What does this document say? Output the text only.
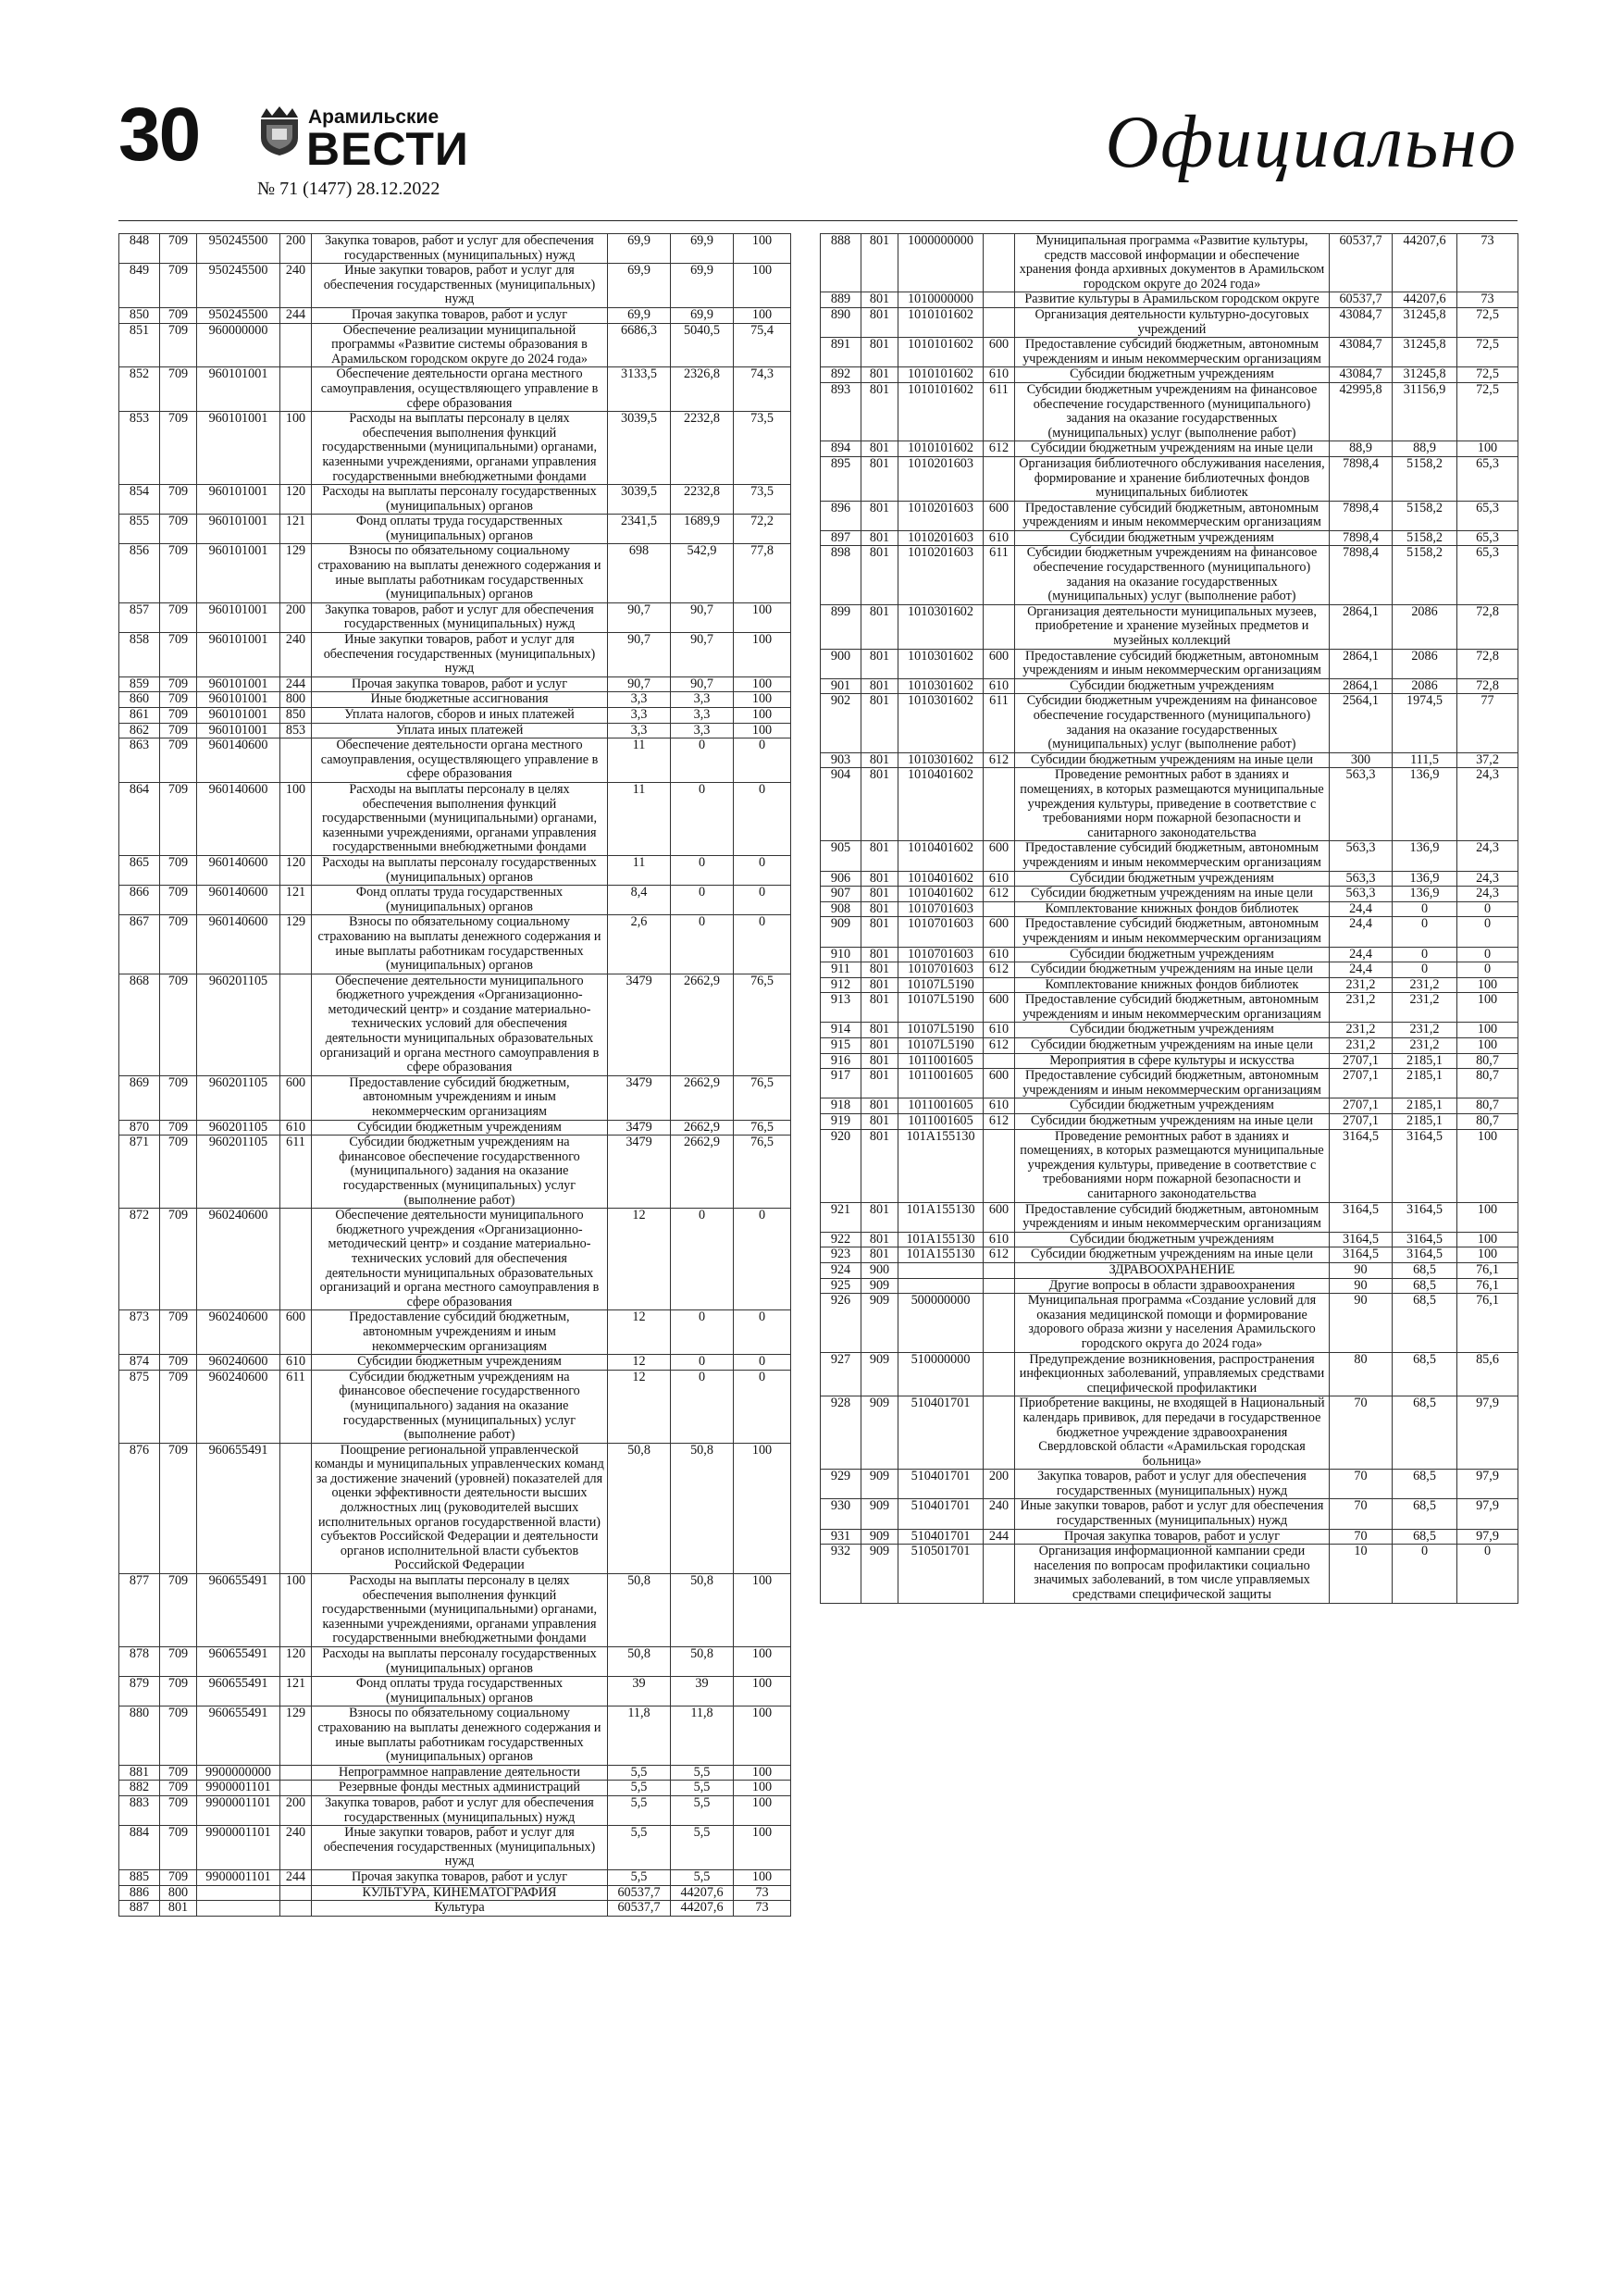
30	Арамильские
ВЕСТИ
№ 71 (1477) 28.12.2022
Официально
848	709	950245500	200	Закупка товаров, работ и услуг для обеспечения государственных (муниципальных) нужд	69,9	69,9	100
849	709	950245500	240	Иные закупки товаров, работ и услуг для обеспечения государственных (муниципальных) нужд	69,9	69,9	100
850	709	950245500	244	Прочая закупка товаров, работ и услуг	69,9	69,9	100
851	709	960000000		Обеспечение реализации муниципальной программы «Развитие системы образования в Арамильском городском округе до 2024 года»	6686,3	5040,5	75,4
852	709	960101001		Обеспечение деятельности органа местного самоуправления, осуществляющего управление в сфере образования	3133,5	2326,8	74,3
853	709	960101001	100	Расходы на выплаты персоналу в целях обеспечения выполнения функций государственными (муниципальными) органами, казенными учреждениями, органами управления государственными внебюджетными фондами	3039,5	2232,8	73,5
854	709	960101001	120	Расходы на выплаты персоналу государственных (муниципальных) органов	3039,5	2232,8	73,5
855	709	960101001	121	Фонд оплаты труда государственных (муниципальных) органов	2341,5	1689,9	72,2
856	709	960101001	129	Взносы по обязательному социальному страхованию на выплаты денежного содержания и иные выплаты работникам государственных (муниципальных) органов	698	542,9	77,8
857	709	960101001	200	Закупка товаров, работ и услуг для обеспечения государственных (муниципальных) нужд	90,7	90,7	100
858	709	960101001	240	Иные закупки товаров, работ и услуг для обеспечения государственных (муниципальных) нужд	90,7	90,7	100
859	709	960101001	244	Прочая закупка товаров, работ и услуг	90,7	90,7	100
860	709	960101001	800	Иные бюджетные ассигнования	3,3	3,3	100
861	709	960101001	850	Уплата налогов, сборов и иных платежей	3,3	3,3	100
862	709	960101001	853	Уплата иных платежей	3,3	3,3	100
863	709	960140600		Обеспечение деятельности органа местного самоуправления, осуществляющего управление в сфере образования	11	0	0
864	709	960140600	100	Расходы на выплаты персоналу в целях обеспечения выполнения функций государственными (муниципальными) органами, казенными учреждениями, органами управления государственными внебюджетными фондами	11	0	0
865	709	960140600	120	Расходы на выплаты персоналу государственных (муниципальных) органов	11	0	0
866	709	960140600	121	Фонд оплаты труда государственных (муниципальных) органов	8,4	0	0
867	709	960140600	129	Взносы по обязательному социальному страхованию на выплаты денежного содержания и иные выплаты работникам государственных (муниципальных) органов	2,6	0	0
868	709	960201105		Обеспечение деятельности муниципального бюджетного учреждения «Организационно-методический центр» и создание материально-технических условий для обеспечения деятельности муниципальных образовательных организаций и органа местного самоуправления в сфере образования	3479	2662,9	76,5
869	709	960201105	600	Предоставление субсидий бюджетным, автономным учреждениям и иным некоммерческим организациям	3479	2662,9	76,5
870	709	960201105	610	Субсидии бюджетным учреждениям	3479	2662,9	76,5
871	709	960201105	611	Субсидии бюджетным учреждениям на финансовое обеспечение государственного (муниципального) задания на оказание государственных (муниципальных) услуг (выполнение работ)	3479	2662,9	76,5
872	709	960240600		Обеспечение деятельности муниципального бюджетного учреждения «Организационно-методический центр» и создание материально-технических условий для обеспечения деятельности муниципальных образовательных организаций и органа местного самоуправления в сфере образования	12	0	0
873	709	960240600	600	Предоставление субсидий бюджетным, автономным учреждениям и иным некоммерческим организациям	12	0	0
874	709	960240600	610	Субсидии бюджетным учреждениям	12	0	0
875	709	960240600	611	Субсидии бюджетным учреждениям на финансовое обеспечение государственного (муниципального) задания на оказание государственных (муниципальных) услуг (выполнение работ)	12	0	0
876	709	960655491		Поощрение региональной управленческой команды и муниципальных управленческих команд за достижение значений (уровней) показателей для оценки эффективности деятельности высших должностных лиц (руководителей высших исполнительных органов государственной власти) субъектов Российской Федерации и деятельности органов исполнительной власти субъектов Российской Федерации	50,8	50,8	100
877	709	960655491	100	Расходы на выплаты персоналу в целях обеспечения выполнения функций государственными (муниципальными) органами, казенными учреждениями, органами управления государственными внебюджетными фондами	50,8	50,8	100
878	709	960655491	120	Расходы на выплаты персоналу государственных (муниципальных) органов	50,8	50,8	100
879	709	960655491	121	Фонд оплаты труда государственных (муниципальных) органов	39	39	100
880	709	960655491	129	Взносы по обязательному социальному страхованию на выплаты денежного содержания и иные выплаты работникам государственных (муниципальных) органов	11,8	11,8	100
881	709	9900000000		Непрограммное направление деятельности	5,5	5,5	100
882	709	9900001101		Резервные фонды местных администраций	5,5	5,5	100
883	709	9900001101	200	Закупка товаров, работ и услуг для обеспечения государственных (муниципальных) нужд	5,5	5,5	100
884	709	9900001101	240	Иные закупки товаров, работ и услуг для обеспечения государственных (муниципальных) нужд	5,5	5,5	100
885	709	9900001101	244	Прочая закупка товаров, работ и услуг	5,5	5,5	100
886	800			КУЛЬТУРА, КИНЕМАТОГРАФИЯ	60537,7	44207,6	73
887	801			Культура	60537,7	44207,6	73
888	801	1000000000		Муниципальная программа «Развитие культуры, средств массовой информации и обеспечение хранения фонда архивных документов в Арамильском городском округе до 2024 года»	60537,7	44207,6	73
889	801	1010000000		Развитие культуры в Арамильском городском округе	60537,7	44207,6	73
890	801	1010101602		Организация деятельности культурно-досуговых учреждений	43084,7	31245,8	72,5
891	801	1010101602	600	Предоставление субсидий бюджетным, автономным учреждениям и иным некоммерческим организациям	43084,7	31245,8	72,5
892	801	1010101602	610	Субсидии бюджетным учреждениям	43084,7	31245,8	72,5
893	801	1010101602	611	Субсидии бюджетным учреждениям на финансовое обеспечение государственного (муниципального) задания на оказание государственных (муниципальных) услуг (выполнение работ)	42995,8	31156,9	72,5
894	801	1010101602	612	Субсидии бюджетным учреждениям на иные цели	88,9	88,9	100
895	801	1010201603		Организация библиотечного обслуживания населения, формирование и хранение библиотечных фондов муниципальных библиотек	7898,4	5158,2	65,3
896	801	1010201603	600	Предоставление субсидий бюджетным, автономным учреждениям и иным некоммерческим организациям	7898,4	5158,2	65,3
897	801	1010201603	610	Субсидии бюджетным учреждениям	7898,4	5158,2	65,3
898	801	1010201603	611	Субсидии бюджетным учреждениям на финансовое обеспечение государственного (муниципального) задания на оказание государственных (муниципальных) услуг (выполнение работ)	7898,4	5158,2	65,3
899	801	1010301602		Организация деятельности муниципальных музеев, приобретение и хранение музейных предметов и музейных коллекций	2864,1	2086	72,8
900	801	1010301602	600	Предоставление субсидий бюджетным, автономным учреждениям и иным некоммерческим организациям	2864,1	2086	72,8
901	801	1010301602	610	Субсидии бюджетным учреждениям	2864,1	2086	72,8
902	801	1010301602	611	Субсидии бюджетным учреждениям на финансовое обеспечение государственного (муниципального) задания на оказание государственных (муниципальных) услуг (выполнение работ)	2564,1	1974,5	77
903	801	1010301602	612	Субсидии бюджетным учреждениям на иные цели	300	111,5	37,2
904	801	1010401602		Проведение ремонтных работ в зданиях и помещениях, в которых размещаются муниципальные учреждения культуры, приведение в соответствие с требованиями норм пожарной безопасности и санитарного законодательства	563,3	136,9	24,3
905	801	1010401602	600	Предоставление субсидий бюджетным, автономным учреждениям и иным некоммерческим организациям	563,3	136,9	24,3
906	801	1010401602	610	Субсидии бюджетным учреждениям	563,3	136,9	24,3
907	801	1010401602	612	Субсидии бюджетным учреждениям на иные цели	563,3	136,9	24,3
908	801	1010701603		Комплектование книжных фондов библиотек	24,4	0	0
909	801	1010701603	600	Предоставление субсидий бюджетным, автономным учреждениям и иным некоммерческим организациям	24,4	0	0
910	801	1010701603	610	Субсидии бюджетным учреждениям	24,4	0	0
911	801	1010701603	612	Субсидии бюджетным учреждениям на иные цели	24,4	0	0
912	801	10107L5190		Комплектование книжных фондов библиотек	231,2	231,2	100
913	801	10107L5190	600	Предоставление субсидий бюджетным, автономным учреждениям и иным некоммерческим организациям	231,2	231,2	100
914	801	10107L5190	610	Субсидии бюджетным учреждениям	231,2	231,2	100
915	801	10107L5190	612	Субсидии бюджетным учреждениям на иные цели	231,2	231,2	100
916	801	1011001605		Мероприятия в сфере культуры и искусства	2707,1	2185,1	80,7
917	801	1011001605	600	Предоставление субсидий бюджетным, автономным учреждениям и иным некоммерческим организациям	2707,1	2185,1	80,7
918	801	1011001605	610	Субсидии бюджетным учреждениям	2707,1	2185,1	80,7
919	801	1011001605	612	Субсидии бюджетным учреждениям на иные цели	2707,1	2185,1	80,7
920	801	101A155130		Проведение ремонтных работ в зданиях и помещениях, в которых размещаются муниципальные учреждения культуры, приведение в соответствие с требованиями норм пожарной безопасности и санитарного законодательства	3164,5	3164,5	100
921	801	101A155130	600	Предоставление субсидий бюджетным, автономным учреждениям и иным некоммерческим организациям	3164,5	3164,5	100
922	801	101A155130	610	Субсидии бюджетным учреждениям	3164,5	3164,5	100
923	801	101A155130	612	Субсидии бюджетным учреждениям на иные цели	3164,5	3164,5	100
924	900			ЗДРАВООХРАНЕНИЕ	90	68,5	76,1
925	909			Другие вопросы в области здравоохранения	90	68,5	76,1
926	909	500000000		Муниципальная программа «Создание условий для оказания медицинской помощи и формирование здорового образа жизни у населения Арамильского городского округа до 2024 года»	90	68,5	76,1
927	909	510000000		Предупреждение возникновения, распространения инфекционных заболеваний, управляемых средствами специфической профилактики	80	68,5	85,6
928	909	510401701		Приобретение вакцины, не входящей в Национальный календарь прививок, для передачи в государственное бюджетное учреждение здравоохранения Свердловской области «Арамильская городская больница»	70	68,5	97,9
929	909	510401701	200	Закупка товаров, работ и услуг для обеспечения государственных (муниципальных) нужд	70	68,5	97,9
930	909	510401701	240	Иные закупки товаров, работ и услуг для обеспечения государственных (муниципальных) нужд	70	68,5	97,9
931	909	510401701	244	Прочая закупка товаров, работ и услуг	70	68,5	97,9
932	909	510501701		Организация информационной кампании среди населения по вопросам профилактики социально значимых заболеваний, в том числе управляемых средствами специфической защиты	10	0	0
